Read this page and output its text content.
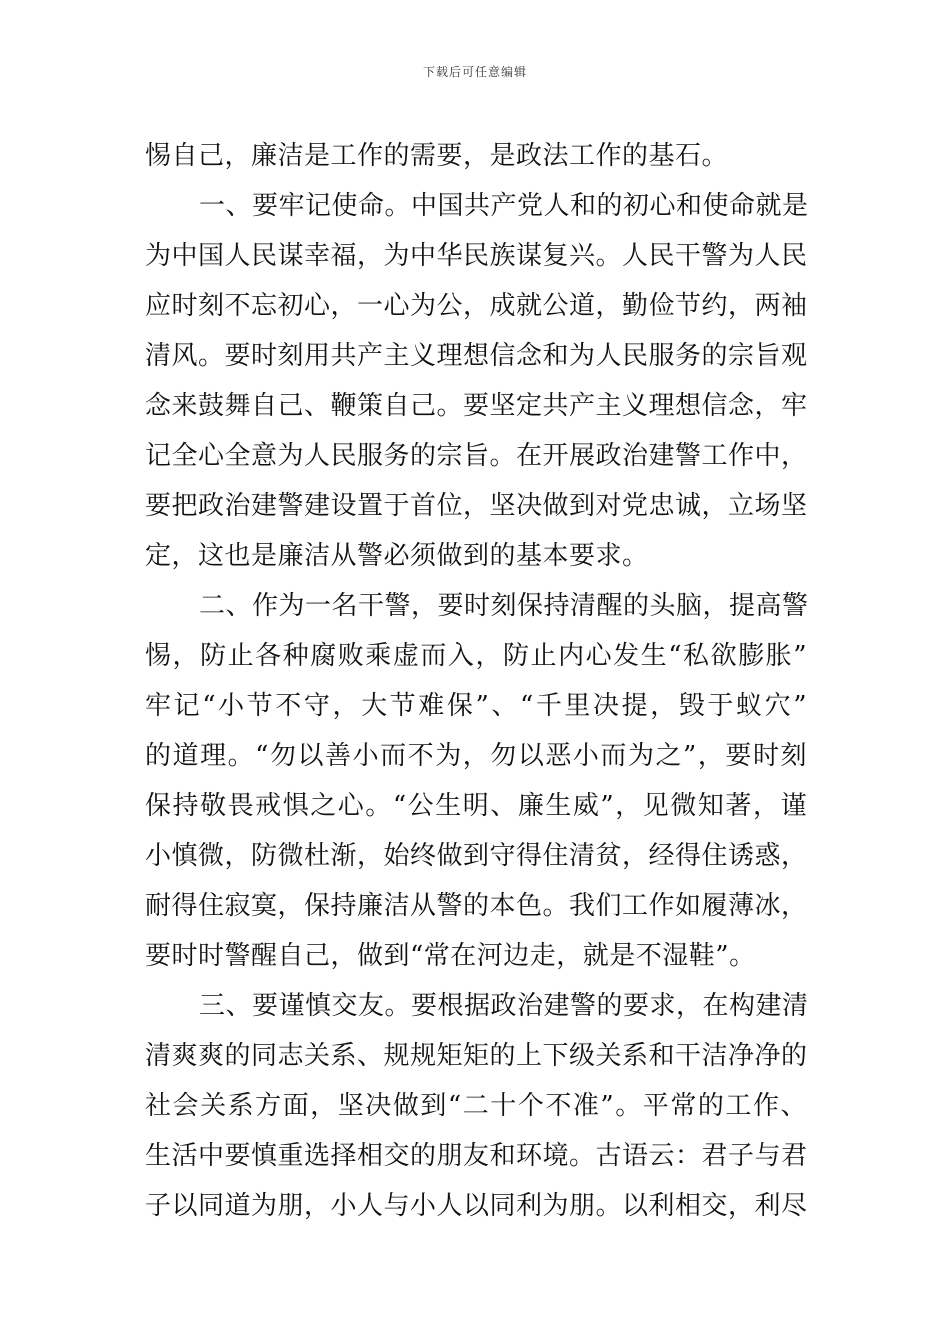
下载后可任意编辑
惕自己，廉洁是工作的需要，是政法工作的基石。
一、要牢记使命。中国共产党人和的初心和使命就是
为中国人民谋幸福，为中华民族谋复兴。人民干警为人民
应时刻不忘初心，一心为公，成就公道，勤俭节约，两袖
清风。要时刻用共产主义理想信念和为人民服务的宗旨观
念来鼓舞自己、鞭策自己。要坚定共产主义理想信念，牢
记全心全意为人民服务的宗旨。在开展政治建警工作中，
要把政治建警建设置于首位，坚决做到对党忠诚，立场坚
定，这也是廉洁从警必须做到的基本要求。
二、作为一名干警，要时刻保持清醒的头脑，提高警
惕，防止各种腐败乘虚而入，防止内心发生“私欲膨胀”
牢记“小节不守，大节难保”、“千里决提，毁于蚁穴”
的道理。“勿以善小而不为，勿以恶小而为之”，要时刻
保持敬畏戒惧之心。“公生明、廉生威”，见微知著，谨
小慎微，防微杜渐，始终做到守得住清贫，经得住诱惑，
耐得住寂寞，保持廉洁从警的本色。我们工作如履薄冰，
要时时警醒自己，做到“常在河边走，就是不湿鞋”。
三、要谨慎交友。要根据政治建警的要求，在构建清
清爽爽的同志关系、规规矩矩的上下级关系和干洁净净的
社会关系方面，坚决做到“二十个不准”。平常的工作、
生活中要慎重选择相交的朋友和环境。古语云：君子与君
子以同道为朋，小人与小人以同利为朋。以利相交，利尽
